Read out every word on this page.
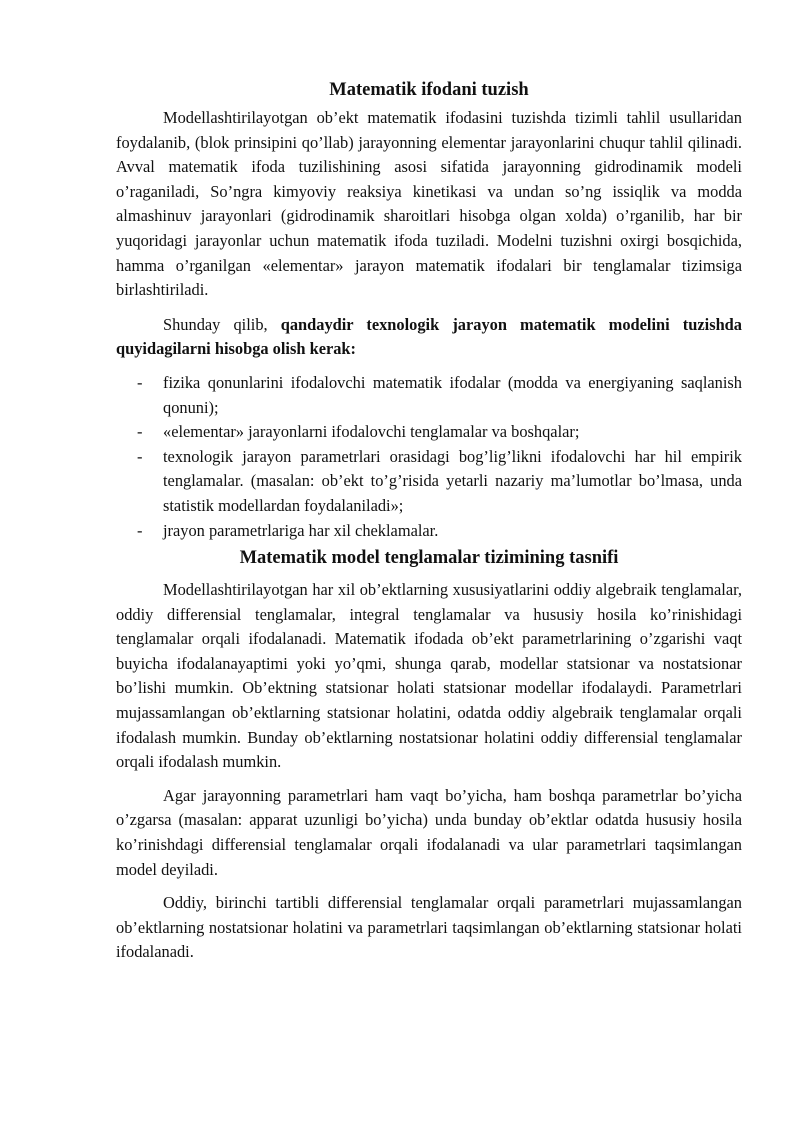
Matematik ifodani tuzish

Modellashtirilayotgan ob’ekt matematik ifodasini tuzishda tizimli tahlil usullaridan foydalanib, (blok prinsipini qo’llab) jarayonning elementar jarayonlarini chuqur tahlil qilinadi. Avval matematik ifoda tuzilishining asosi sifatida jarayonning gidrodinamik modeli o’raganiladi, So’ngra kimyoviy reaksiya kinetikasi va undan so’ng issiqlik va modda almashinuv jarayonlari (gidrodinamik sharoitlari hisobga olgan xolda) o’rganilib, har bir yuqoridagi jarayonlar uchun matematik ifoda tuziladi. Modelni tuzishni oxirgi bosqichida, hamma o’rganilgan «elementar» jarayon matematik ifodalari bir tenglamalar tizimsiga birlashtiriladi.

Shunday qilib, qandaydir texnologik jarayon matematik modelini tuzishda quyidagilarni hisobga olish kerak:

- fizika qonunlarini ifodalovchi matematik ifodalar (modda va energiyaning saqlanish qonuni);
- «elementar» jarayonlarni ifodalovchi tenglamalar va boshqalar;
- texnologik jarayon parametrlari orasidagi bog’lig’likni ifodalovchi har hil empirik tenglamalar. (masalan: ob’ekt to’g’risida yetarli nazariy ma’lumotlar bo’lmasa, unda statistik modellardan foydalaniladi»;
- jrayon parametrlariga har xil cheklamalar.
Matematik model tenglamalar tizimining tasnifi

Modellashtirilayotgan har xil ob’ektlarning xususiyatlarini oddiy algebraik tenglamalar, oddiy differensial tenglamalar, integral tenglamalar va hususiy hosila ko’rinishidagi tenglamalar orqali ifodalanadi. Matematik ifodada ob’ekt parametrlarining o’zgarishi vaqt buyicha ifodalanayaptimi yoki yo’qmi, shunga qarab, modellar statsionar va nostatsionar bo’lishi mumkin. Ob’ektning statsionar holati statsionar modellar ifodalaydi. Parametrlari mujassamlangan ob’ektlarning statsionar holatini, odatda oddiy algebraik tenglamalar orqali ifodalash mumkin. Bunday ob’ektlarning nostatsionar holatini oddiy differensial tenglamalar orqali ifodalash mumkin.

Agar jarayonning parametrlari ham vaqt bo’yicha, ham boshqa parametrlar bo’yicha o’zgarsa (masalan: apparat uzunligi bo’yicha) unda bunday ob’ektlar odatda hususiy hosila ko’rinishdagi differensial tenglamalar orqali ifodalanadi va ular parametrlari taqsimlangan model deyiladi.

Oddiy, birinchi tartibli differensial tenglamalar orqali parametrlari mujassamlangan ob’ektlarning nostatsionar holatini va parametrlari taqsimlangan ob’ektlarning statsionar holati ifodalanadi.
